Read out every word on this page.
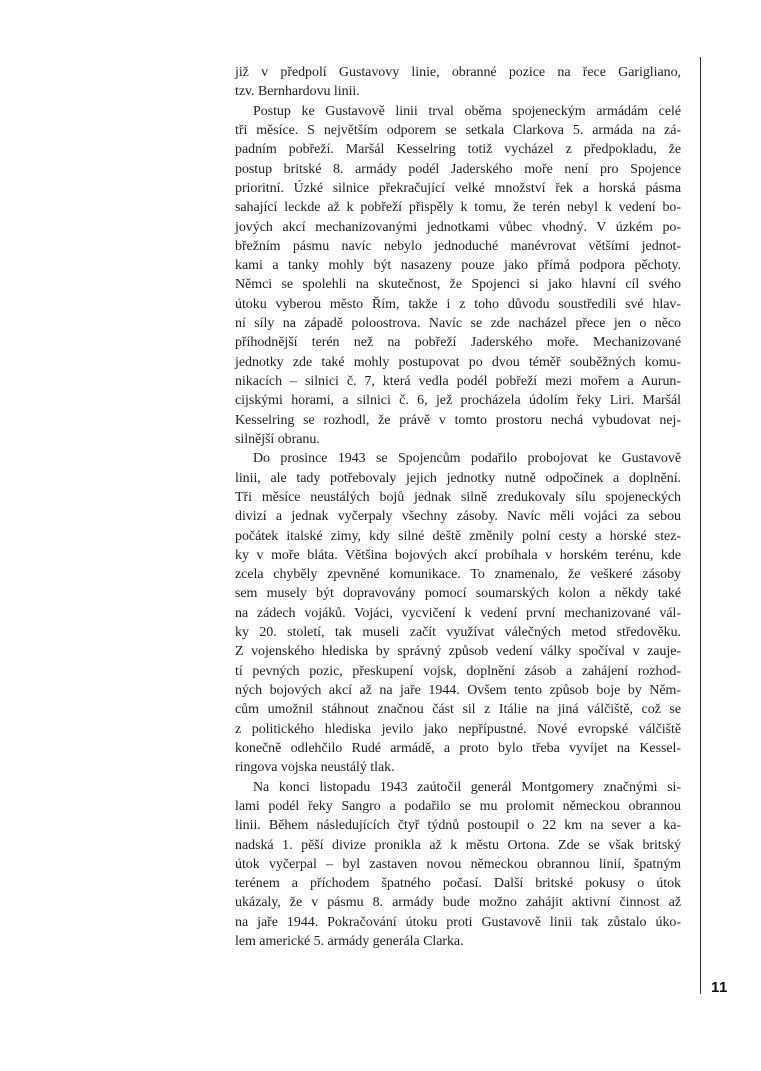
již v předpolí Gustavovy linie, obranné pozice na řece Garigliano,
tzv. Bernhardovu linii.
Postup ke Gustavově linii trval oběma spojeneckým armádám celé
tři měsíce. S největším odporem se setkala Clarkova 5. armáda na zá-
padním pobřeží. Maršál Kesselring totiž vycházel z předpokladu, že
postup britské 8. armády podél Jaderského moře není pro Spojence
prioritní. Úzké silnice překračující velké množství řek a horská pásma
sahající leckde až k pobřeží přispěly k tomu, že terén nebyl k vedení bo-
jových akcí mechanizovanými jednotkami vůbec vhodný. V úzkém po-
břežním pásmu navíc nebylo jednoduché manévrovat většími jednot-
kami a tanky mohly být nasazeny pouze jako přímá podpora pěchoty.
Němci se spolehli na skutečnost, že Spojenci si jako hlavní cíl svého
útoku vyberou město Řím, takže i z toho důvodu soustředili své hlav-
ní síly na západě poloostrova. Navíc se zde nacházel přece jen o něco
příhodnější terén než na pobřeží Jaderského moře. Mechanizované
jednotky zde také mohly postupovat po dvou téměř souběžných komu-
nikacích – silnici č. 7, která vedla podél pobřeží mezi mořem a Aurun-
cijskými horami, a silnici č. 6, jež procházela údolím řeky Liri. Maršál
Kesselring se rozhodl, že právě v tomto prostoru nechá vybudovat nej-
silnější obranu.
Do prosince 1943 se Spojencům podařilo probojovat ke Gustavově
linii, ale tady potřebovaly jejich jednotky nutně odpočinek a doplnění.
Tři měsíce neustálých bojů jednak silně zredukovaly sílu spojeneckých
divizí a jednak vyčerpaly všechny zásoby. Navíc měli vojáci za sebou
počátek italské zimy, kdy silné deště změnily polní cesty a horské stez-
ky v moře bláta. Většina bojových akcí probíhala v horském terénu, kde
zcela chyběly zpevněné komunikace. To znamenalo, že veškeré zásoby
sem musely být dopravovány pomocí soumarských kolon a někdy také
na zádech vojáků. Vojáci, vycvičení k vedení první mechanizované vál-
ky 20. století, tak museli začít využívat válečných metod středověku.
Z vojenského hlediska by správný způsob vedení války spočíval v zauje-
tí pevných pozic, přeskupení vojsk, doplnění zásob a zahájení rozhod-
ných bojových akcí až na jaře 1944. Ovšem tento způsob boje by Něm-
cům umožnil stáhnout značnou část sil z Itálie na jiná válčiště, což se
z politického hlediska jevilo jako nepřípustné. Nové evropské válčiště
konečně odlehčilo Rudé armádě, a proto bylo třeba vyvíjet na Kessel-
ringova vojska neustálý tlak.
Na konci listopadu 1943 zaútočil generál Montgomery značnými si-
lami podél řeky Sangro a podařilo se mu prolomit německou obrannou
linii. Během následujících čtyř týdnů postoupil o 22 km na sever a ka-
nadská 1. pěší divize pronikla až k městu Ortona. Zde se však britský
útok vyčerpal – byl zastaven novou německou obrannou linií, špatným
terénem a příchodem špatného počasí. Další britské pokusy o útok
ukázaly, že v pásmu 8. armády bude možno zahájit aktivní činnost až
na jaře 1944. Pokračování útoku proti Gustavově linii tak zůstalo úko-
lem americké 5. armády generála Clarka.
11
